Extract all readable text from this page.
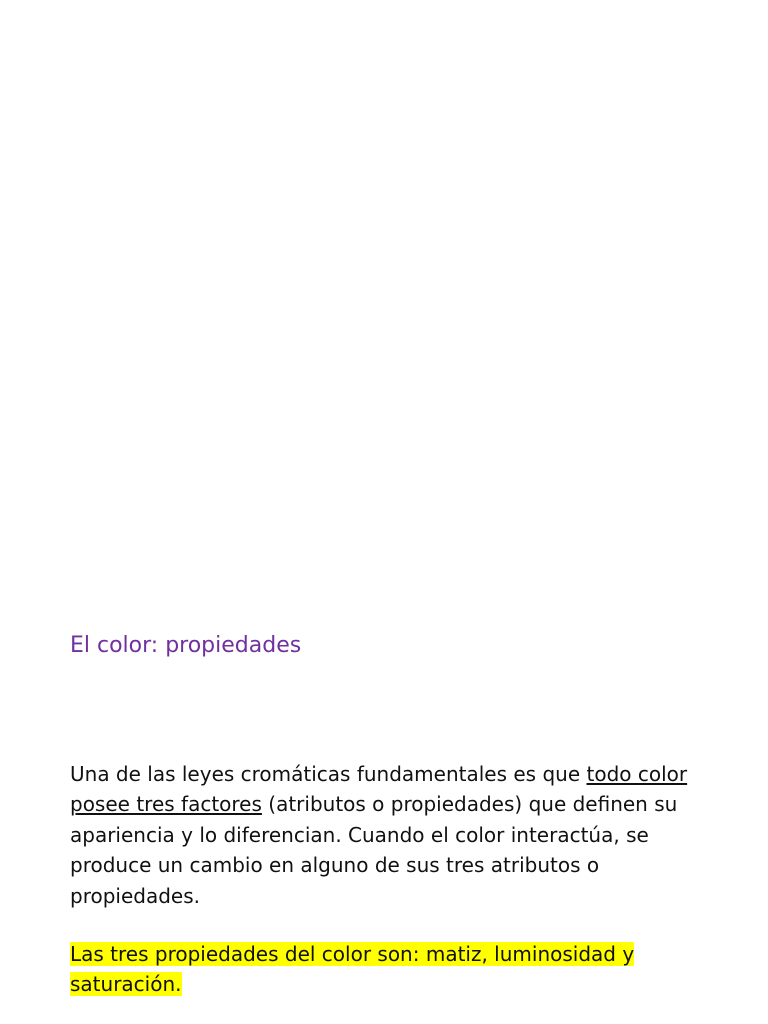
El color: propiedades

Una de las leyes cromáticas fundamentales es que todo color posee tres factores (atributos o propiedades) que definen su apariencia y lo diferencian. Cuando el color interactúa, se produce un cambio en alguno de sus tres atributos o propiedades.

Las tres propiedades del color son: matiz, luminosidad y saturación.
